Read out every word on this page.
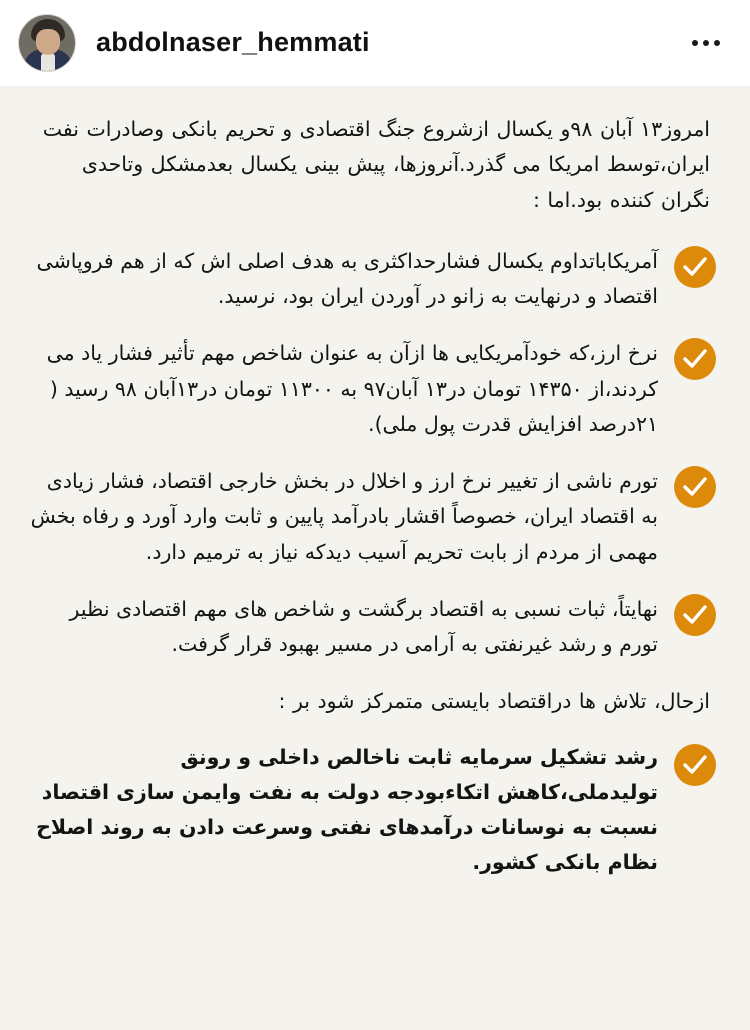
abdolnaser_hemmati

امروز۱۳ آبان ۹۸و یکسال ازشروع جنگ اقتصادی و تحریم بانکی وصادرات نفت ایران،توسط امریکا می گذرد.آنروزها، پیش بینی یکسال بعدمشکل وتاحدی نگران کننده بود.اما :

آمریکاباتداوم یکسال فشارحداکثری به هدف اصلی اش که از هم فروپاشی اقتصاد و درنهایت به زانو در آوردن ایران بود، نرسید.
نرخ ارز،که خودآمریکایی ها ازآن به عنوان شاخص مهم تأثیر فشار یاد می کردند،از ۱۴۳۵۰ تومان در۱۳ آبان۹۷ به ۱۱۳۰۰ تومان در۱۳آبان ۹۸ رسید ( ۲۱درصد افزایش قدرت پول ملی).
تورم ناشی از تغییر نرخ ارز و اخلال در بخش خارجی اقتصاد، فشار زیادی به اقتصاد ایران، خصوصاً اقشار بادرآمد پایین و ثابت وارد آورد و رفاه بخش مهمی از مردم از بابت تحریم آسیب دیدکه نیاز به ترمیم دارد.
نهایتاً، ثبات نسبی به اقتصاد برگشت و شاخص های مهم اقتصادی نظیر تورم و رشد غیرنفتی به آرامی در مسیر بهبود قرار گرفت.

ازحال، تلاش ها دراقتصاد بایستی متمرکز شود بر :

رشد تشکیل سرمایه ثابت ناخالص داخلی و رونق تولیدملی،کاهش اتکاءبودجه دولت به نفت وایمن سازی اقتصاد نسبت به نوسانات درآمدهای نفتی وسرعت دادن به روند اصلاح نظام بانکی کشور.
